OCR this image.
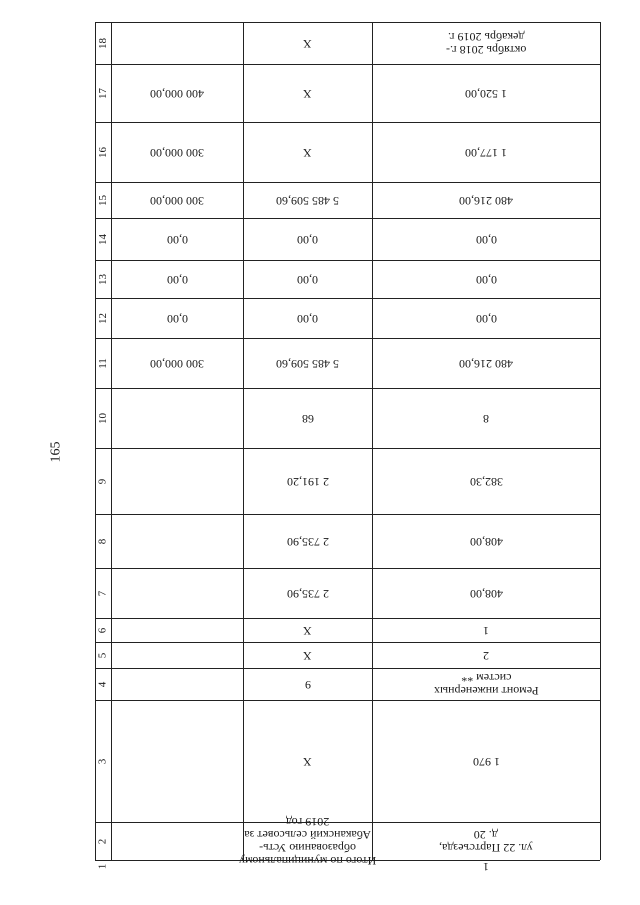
165
1
2
3
4
5
6
7
8
9
10
11
12
13
14
15
16
17
18
Итого по муниципальному
образованию Усть-
Абаканский сельсовет за
2019 год
Х
9
Х
Х
2 735,90
2 735,90
2 191,20
68
5 485 509,60
0,00
0,00
0,00
5 485 509,60
Х
Х
Х
1
ул. 22 Партсъезда,
д. 20
1 970
Ремонт инженерных
систем **
2
1
408,00
408,00
382,30
8
480 216,00
0,00
0,00
0,00
480 216,00
1 177,00
1 520,00
октябрь 2018 г.-
декабрь 2019 г.
300 000,00
0,00
0,00
0,00
300 000,00
300 000,00
400 000,00
